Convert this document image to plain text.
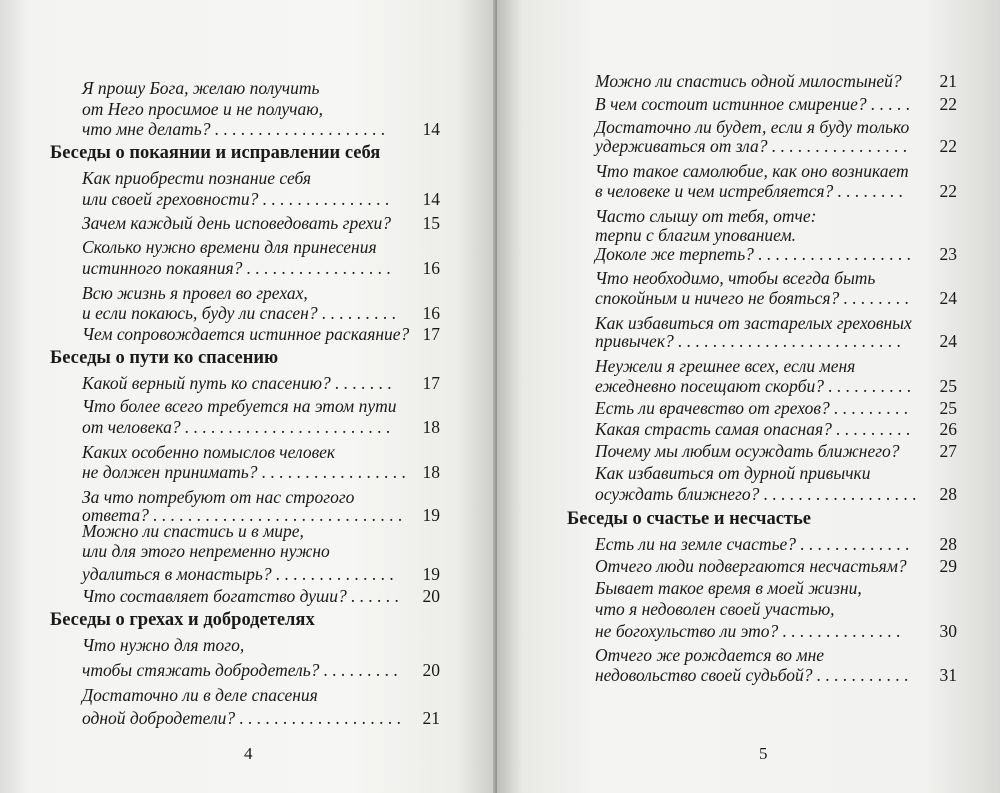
Я прошу Бога, желаю получить
от Него просимое и не получаю,
что мне делать? . . . . . . . . . . . . . . . . . . . .	14
Беседы о покаянии и исправлении себя
Как приобрести познание себя
или своей греховности? . . . . . . . . . . . . . . .	14
Зачем каждый день исповедовать грехи?	15
Сколько нужно времени для принесения
истинного покаяния? . . . . . . . . . . . . . . . . .	16
Всю жизнь я провел во грехах,
и если покаюсь, буду ли спасен? . . . . . . . . .	16
Чем сопровождается истинное раскаяние? 17
Беседы о пути ко спасению
Какой верный путь ко спасению? . . . . . . .	17
Что более всего требуется на этом пути
от человека? . . . . . . . . . . . . . . . . . . . . . . . .	18
Каких особенно помыслов человек
не должен принимать? . . . . . . . . . . . . . . . . . 18
За что потребуют от нас строгого
ответа? . . . . . . . . . . . . . . . . . . . . . . . . . . . . .	19
Можно ли спастись и в мире,
или для этого непременно нужно
удалиться в монастырь? . . . . . . . . . . . . . .	19
Что составляет богатство души? . . . . . .	20
Беседы о грехах и добродетелях
Что нужно для того,
чтобы стяжать добродетель? . . . . . . . . .	20
Достаточно ли в деле спасения
одной добродетели? . . . . . . . . . . . . . . . . . . .	21
4
Можно ли спастись одной милостыней?	21
В чем состоит истинное смирение? . . . . .	22
Достаточно ли будет, если я буду только
удерживаться от зла? . . . . . . . . . . . . . . . .	22
Что такое самолюбие, как оно возникает
в человеке и чем истребляется? . . . . . . . .	22
Часто слышу от тебя, отче:
терпи с благим упованием.
Доколе же терпеть? . . . . . . . . . . . . . . . . . .	23
Что необходимо, чтобы всегда быть
спокойным и ничего не бояться? . . . . . . . .	24
Как избавиться от застарелых греховных
привычек? . . . . . . . . . . . . . . . . . . . . . . . . . .	24
Неужели я грешнее всех, если меня
ежедневно посещают скорби? . . . . . . . . . .	25
Есть ли врачевство от грехов? . . . . . . . . .	25
Какая страсть самая опасная? . . . . . . . . .	26
Почему мы любим осуждать ближнего?	27
Как избавиться от дурной привычки
осуждать ближнего? . . . . . . . . . . . . . . . . . .	28
Беседы о счастье и несчастье
Есть ли на земле счастье? . . . . . . . . . . . . .	28
Отчего люди подвергаются несчастьям?	29
Бывает такое время в моей жизни,
что я недоволен своей участью,
не богохульство ли это? . . . . . . . . . . . . . .	30
Отчего же рождается во мне
недовольство своей судьбой? . . . . . . . . . . .	31
5
